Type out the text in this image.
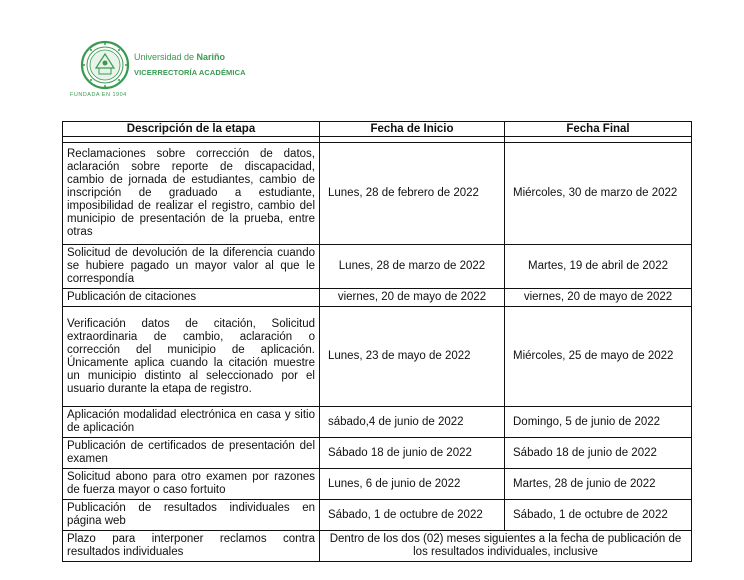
Universidad de Nariño
VICERRECTORÍA ACADÉMICA
FUNDADA EN 1904
Descripción de la etapa	Fecha de Inicio	Fecha Final

Reclamaciones sobre corrección de datos, aclaración sobre reporte de discapacidad, cambio de jornada de estudiantes, cambio de inscripción de graduado a estudiante, imposibilidad de realizar el registro, cambio del municipio de presentación de la prueba, entre otras	Lunes, 28 de febrero de 2022	Miércoles, 30 de marzo de 2022
Solicitud de devolución de la diferencia cuando se hubiere pagado un mayor valor al que le correspondía	Lunes, 28 de marzo de 2022	Martes, 19 de abril de 2022
Publicación de citaciones	viernes, 20 de mayo de 2022	viernes, 20 de mayo de 2022
Verificación datos de citación, Solicitud extraordinaria de cambio, aclaración o corrección del municipio de aplicación. Únicamente aplica cuando la citación muestre un municipio distinto al seleccionado por el usuario durante la etapa de registro.	Lunes, 23 de mayo de 2022	Miércoles, 25 de mayo de 2022
Aplicación modalidad electrónica en casa y sitio de aplicación	sábado,4 de junio de 2022	Domingo, 5 de junio de 2022
Publicación de certificados de presentación del examen	Sábado 18 de junio de 2022	Sábado 18 de junio de 2022
Solicitud abono para otro examen por razones de fuerza mayor o caso fortuito	Lunes, 6 de junio de 2022	Martes, 28 de junio de 2022
Publicación de resultados individuales en página web	Sábado, 1 de octubre de 2022	Sábado, 1 de octubre de 2022
Plazo para interponer reclamos contra resultados individuales	Dentro de los dos (02) meses siguientes a la fecha de publicación de los resultados individuales, inclusive	
